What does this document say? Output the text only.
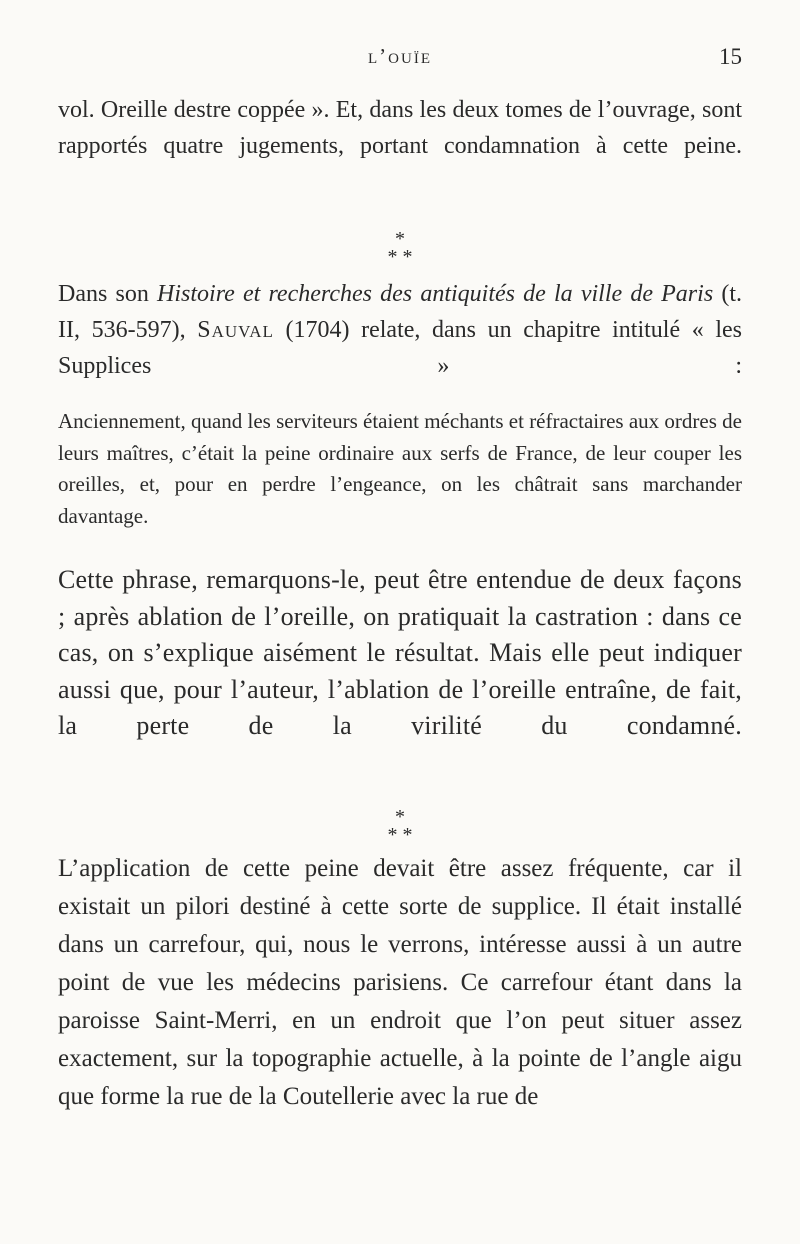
l’ouïe	15
vol. Oreille destre coppée ». Et, dans les deux tomes de l’ouvrage, sont rapportés quatre jugements, portant condamnation à cette peine.
*
* *
Dans son Histoire et recherches des antiquités de la ville de Paris (t. II, 536-597), Sauval (1704) relate, dans un chapitre intitulé « les Supplices » :
Anciennement, quand les serviteurs étaient méchants et réfractaires aux ordres de leurs maîtres, c’était la peine ordinaire aux serfs de France, de leur couper les oreilles, et, pour en perdre l’engeance, on les châtrait sans marchander davantage.
Cette phrase, remarquons-le, peut être entendue de deux façons ; après ablation de l’oreille, on pratiquait la castration : dans ce cas, on s’explique aisément le résultat. Mais elle peut indiquer aussi que, pour l’auteur, l’ablation de l’oreille entraîne, de fait, la perte de la virilité du condamné.
*
* *
L’application de cette peine devait être assez fréquente, car il existait un pilori destiné à cette sorte de supplice. Il était installé dans un carrefour, qui, nous le verrons, intéresse aussi à un autre point de vue les médecins parisiens. Ce carrefour étant dans la paroisse Saint-Merri, en un endroit que l’on peut situer assez exactement, sur la topographie actuelle, à la pointe de l’angle aigu que forme la rue de la Coutellerie avec la rue de
